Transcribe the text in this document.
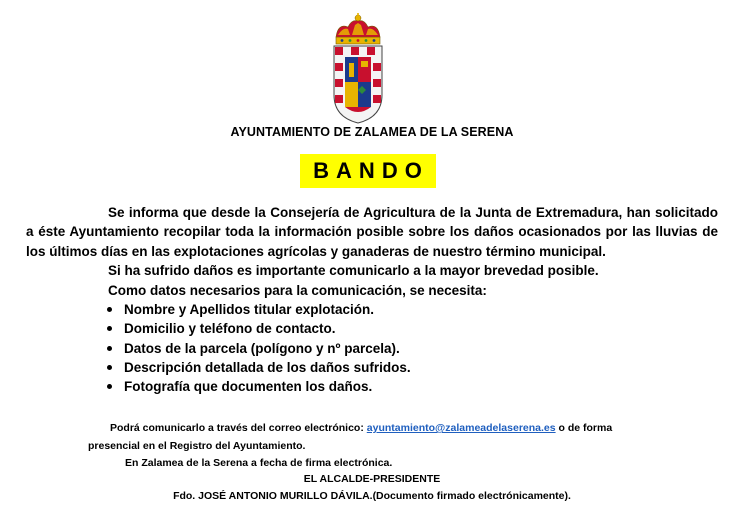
AYUNTAMIENTO DE ZALAMEA DE LA SERENA
BANDO

Se informa que desde la Consejería de Agricultura de la Junta de Extremadura, han solicitado a éste Ayuntamiento recopilar toda la información posible sobre los daños ocasionados por las lluvias de los últimos días en las explotaciones agrícolas y ganaderas de nuestro término municipal.

Si ha sufrido daños es importante comunicarlo a la mayor brevedad posible.

Como datos necesarios para la comunicación, se necesita:

Nombre y Apellidos titular explotación.
Domicilio y teléfono de contacto.
Datos de la parcela (polígono y nº parcela).
Descripción detallada de los daños sufridos.
Fotografía que documenten los daños.
Podrá comunicarlo a través del correo electrónico: ayuntamiento@zalameadelaserena.es o de forma
presencial en el Registro del Ayuntamiento.
En Zalamea de la Serena a fecha de firma electrónica.
EL ALCALDE-PRESIDENTE
Fdo. JOSÉ ANTONIO MURILLO DÁVILA.(Documento firmado electrónicamente).
